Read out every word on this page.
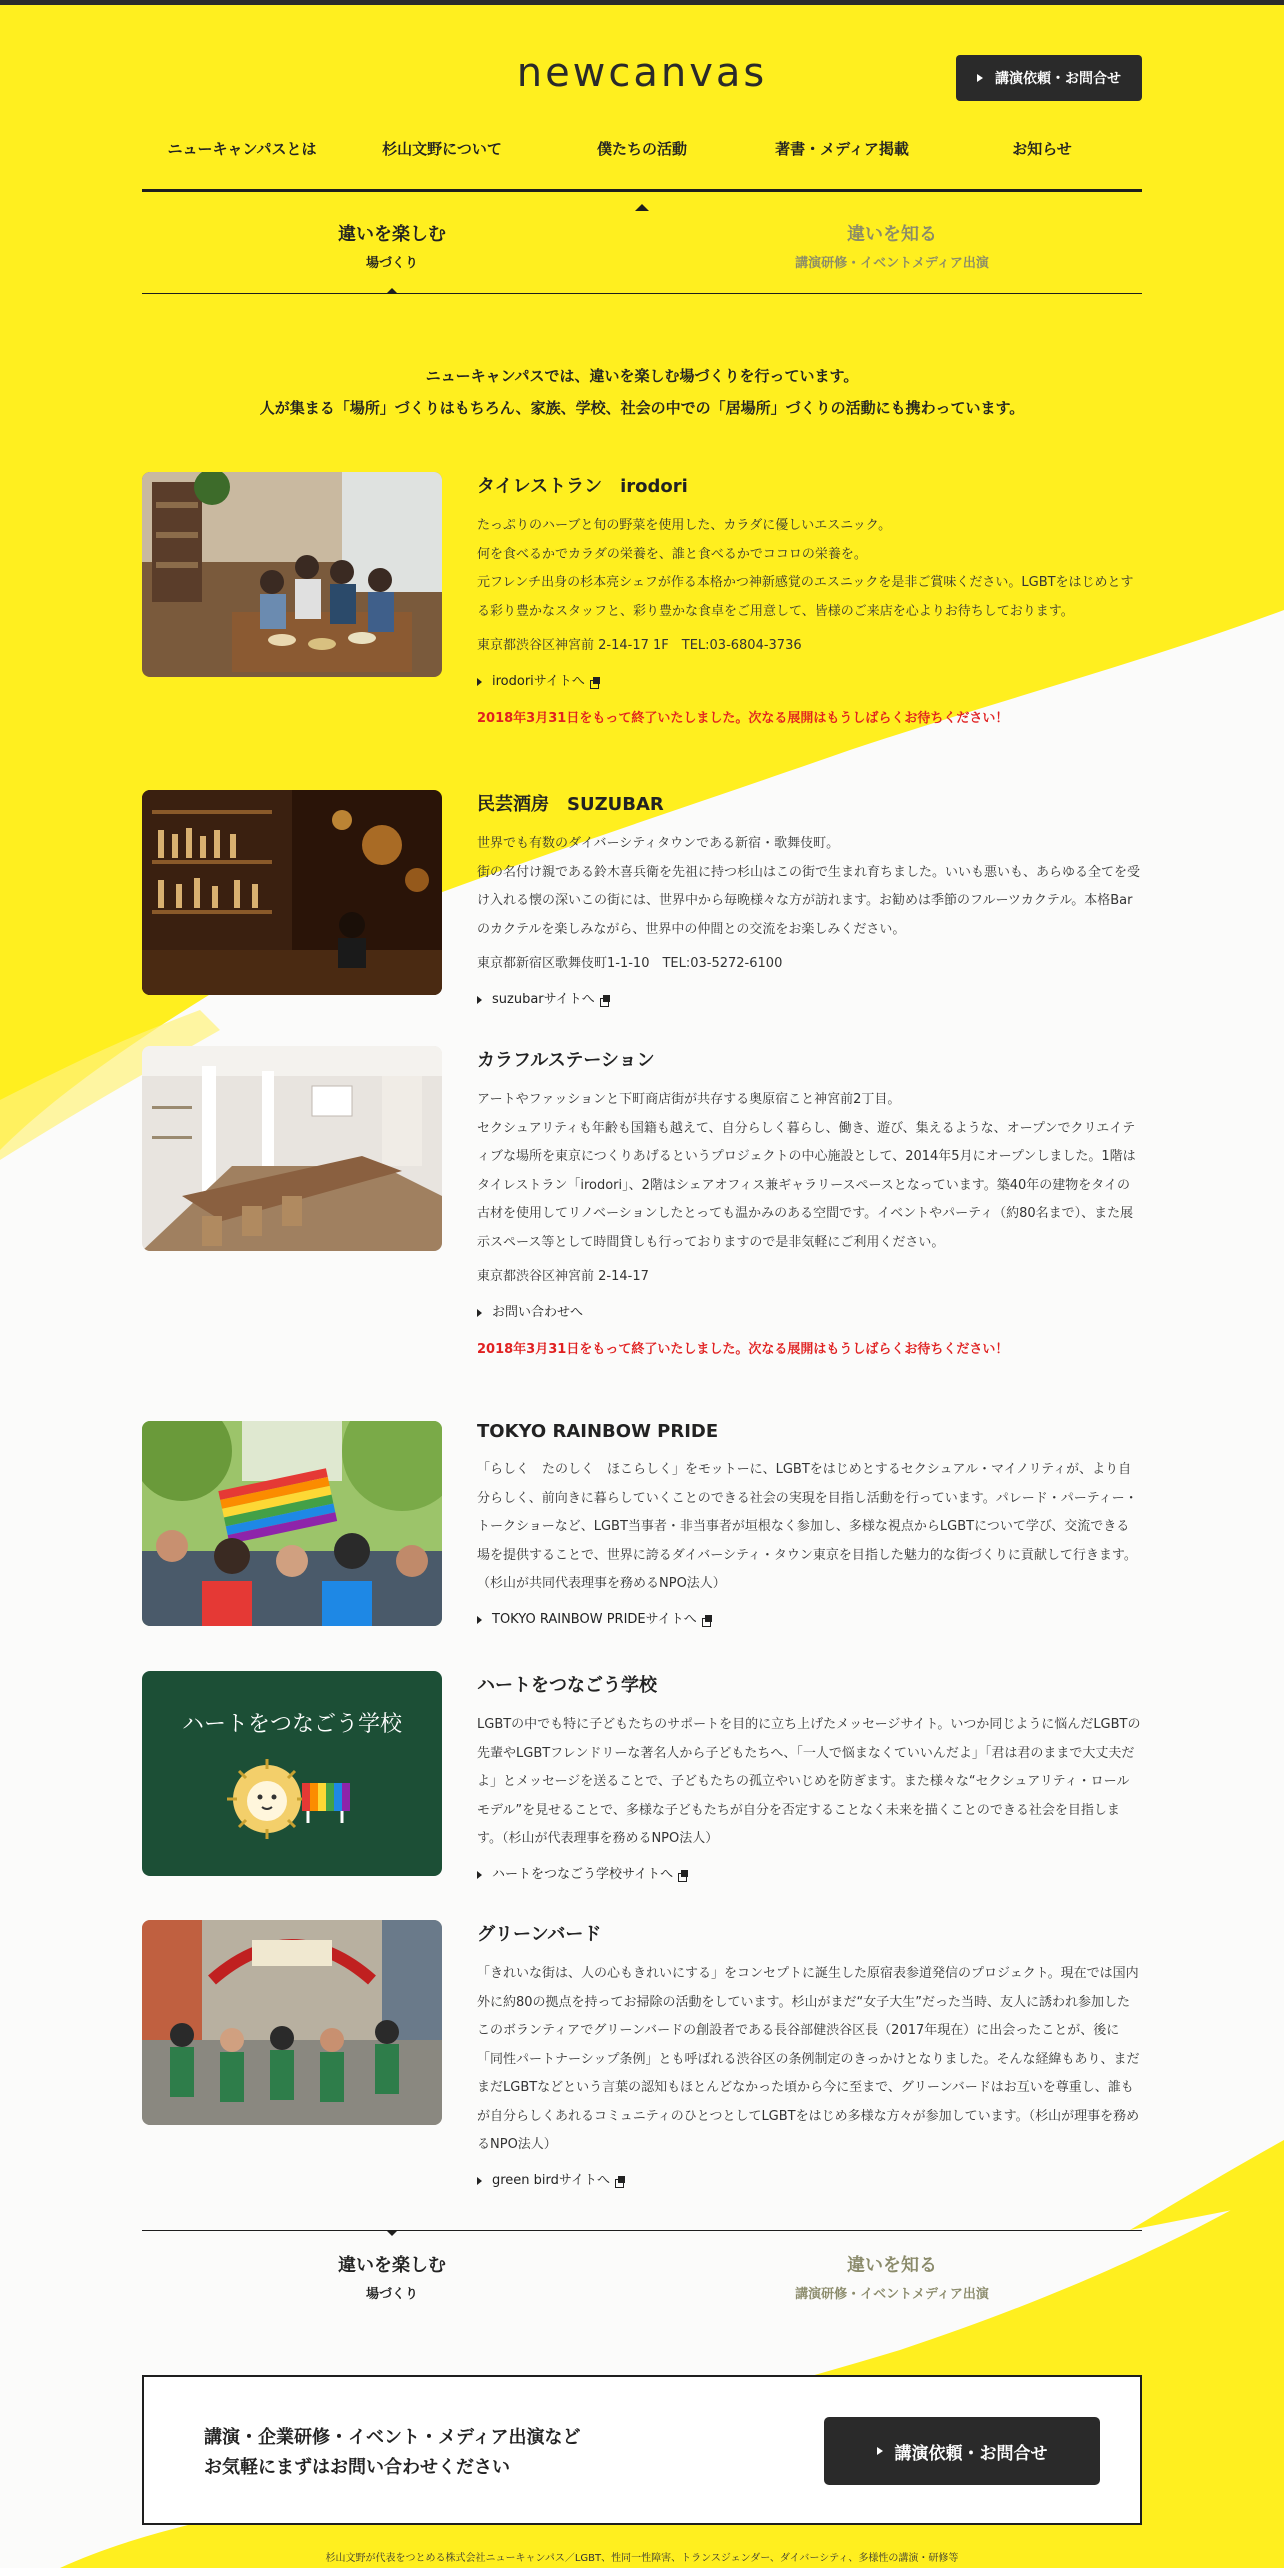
newcanvas	講演依頼・お問合せ
ニューキャンパスとは	杉山文野について	僕たちの活動	著書・メディア掲載	お知らせ
違いを楽しむ
場づくり
違いを知る
講演研修・イベントメディア出演
ニューキャンパスでは、違いを楽しむ場づくりを行っています。
人が集まる「場所」づくりはもちろん、家族、学校、社会の中での「居場所」づくりの活動にも携わっています。
タイレストラン　irodori

たっぷりのハーブと旬の野菜を使用した、カラダに優しいエスニック。
何を食べるかでカラダの栄養を、誰と食べるかでココロの栄養を。
元フレンチ出身の杉本亮シェフが作る本格かつ神新感覚のエスニックを是非ご賞味ください。LGBTをはじめとする彩り豊かなスタッフと、彩り豊かな食卓をご用意して、皆様のご来店を心よりお待ちしております。

東京都渋谷区神宮前 2-14-17 1F　TEL:03-6804-3736

irodoriサイトへ
2018年3月31日をもって終了いたしました。次なる展開はもうしばらくお待ちください！
民芸酒房　SUZUBAR

世界でも有数のダイバーシティタウンである新宿・歌舞伎町。
街の名付け親である鈴木喜兵衛を先祖に持つ杉山はこの街で生まれ育ちました。いいも悪いも、あらゆる全てを受け入れる懐の深いこの街には、世界中から毎晩様々な方が訪れます。お勧めは季節のフルーツカクテル。本格Barのカクテルを楽しみながら、世界中の仲間との交流をお楽しみください。

東京都新宿区歌舞伎町1-1-10　TEL:03-5272-6100

suzubarサイトへ
カラフルステーション

アートやファッションと下町商店街が共存する奥原宿こと神宮前2丁目。
セクシュアリティも年齢も国籍も越えて、自分らしく暮らし、働き、遊び、集えるような、オープンでクリエイティブな場所を東京につくりあげるというプロジェクトの中心施設として、2014年5月にオープンしました。1階はタイレストラン「irodori」、2階はシェアオフィス兼ギャラリースペースとなっています。築40年の建物をタイの古材を使用してリノベーションしたとっても温かみのある空間です。イベントやパーティ（約80名まで）、また展示スペース等として時間貸しも行っておりますので是非気軽にご利用ください。

東京都渋谷区神宮前 2-14-17

お問い合わせへ
2018年3月31日をもって終了いたしました。次なる展開はもうしばらくお待ちください！
TOKYO RAINBOW PRIDE

「らしく　たのしく　ほこらしく」をモットーに、LGBTをはじめとするセクシュアル・マイノリティが、より自分らしく、前向きに暮らしていくことのできる社会の実現を目指し活動を行っています。パレード・パーティー・トークショーなど、LGBT当事者・非当事者が垣根なく参加し、多様な視点からLGBTについて学び、交流できる場を提供することで、世界に誇るダイバーシティ・タウン東京を目指した魅力的な街づくりに貢献して行きます。（杉山が共同代表理事を務めるNPO法人）

TOKYO RAINBOW PRIDEサイトへ
ハートをつなごう学校
ハートをつなごう学校

LGBTの中でも特に子どもたちのサポートを目的に立ち上げたメッセージサイト。いつか同じように悩んだLGBTの先輩やLGBTフレンドリーな著名人から子どもたちへ、「一人で悩まなくていいんだよ」「君は君のままで大丈夫だよ」とメッセージを送ることで、子どもたちの孤立やいじめを防ぎます。また様々な“セクシュアリティ・ロールモデル”を見せることで、多様な子どもたちが自分を否定することなく未来を描くことのできる社会を目指します。（杉山が代表理事を務めるNPO法人）

ハートをつなごう学校サイトへ
グリーンバード

「きれいな街は、人の心もきれいにする」をコンセプトに誕生した原宿表参道発信のプロジェクト。現在では国内外に約80の拠点を持ってお掃除の活動をしています。杉山がまだ“女子大生”だった当時、友人に誘われ参加したこのボランティアでグリーンバードの創設者である長谷部健渋谷区長（2017年現在）に出会ったことが、後に「同性パートナーシップ条例」とも呼ばれる渋谷区の条例制定のきっかけとなりました。そんな経緯もあり、まだまだLGBTなどという言葉の認知もほとんどなかった頃から今に至まで、グリーンバードはお互いを尊重し、誰もが自分らしくあれるコミュニティのひとつとしてLGBTをはじめ多様な方々が参加しています。（杉山が理事を務めるNPO法人）

green birdサイトへ
違いを楽しむ
場づくり
違いを知る
講演研修・イベントメディア出演
講演・企業研修・イベント・メディア出演など
お気軽にまずはお問い合わせください
講演依頼・お問合せ
杉山文野が代表をつとめる株式会社ニューキャンパス／LGBT、性同一性障害、トランスジェンダー、ダイバーシティ、多様性の講演・研修等
